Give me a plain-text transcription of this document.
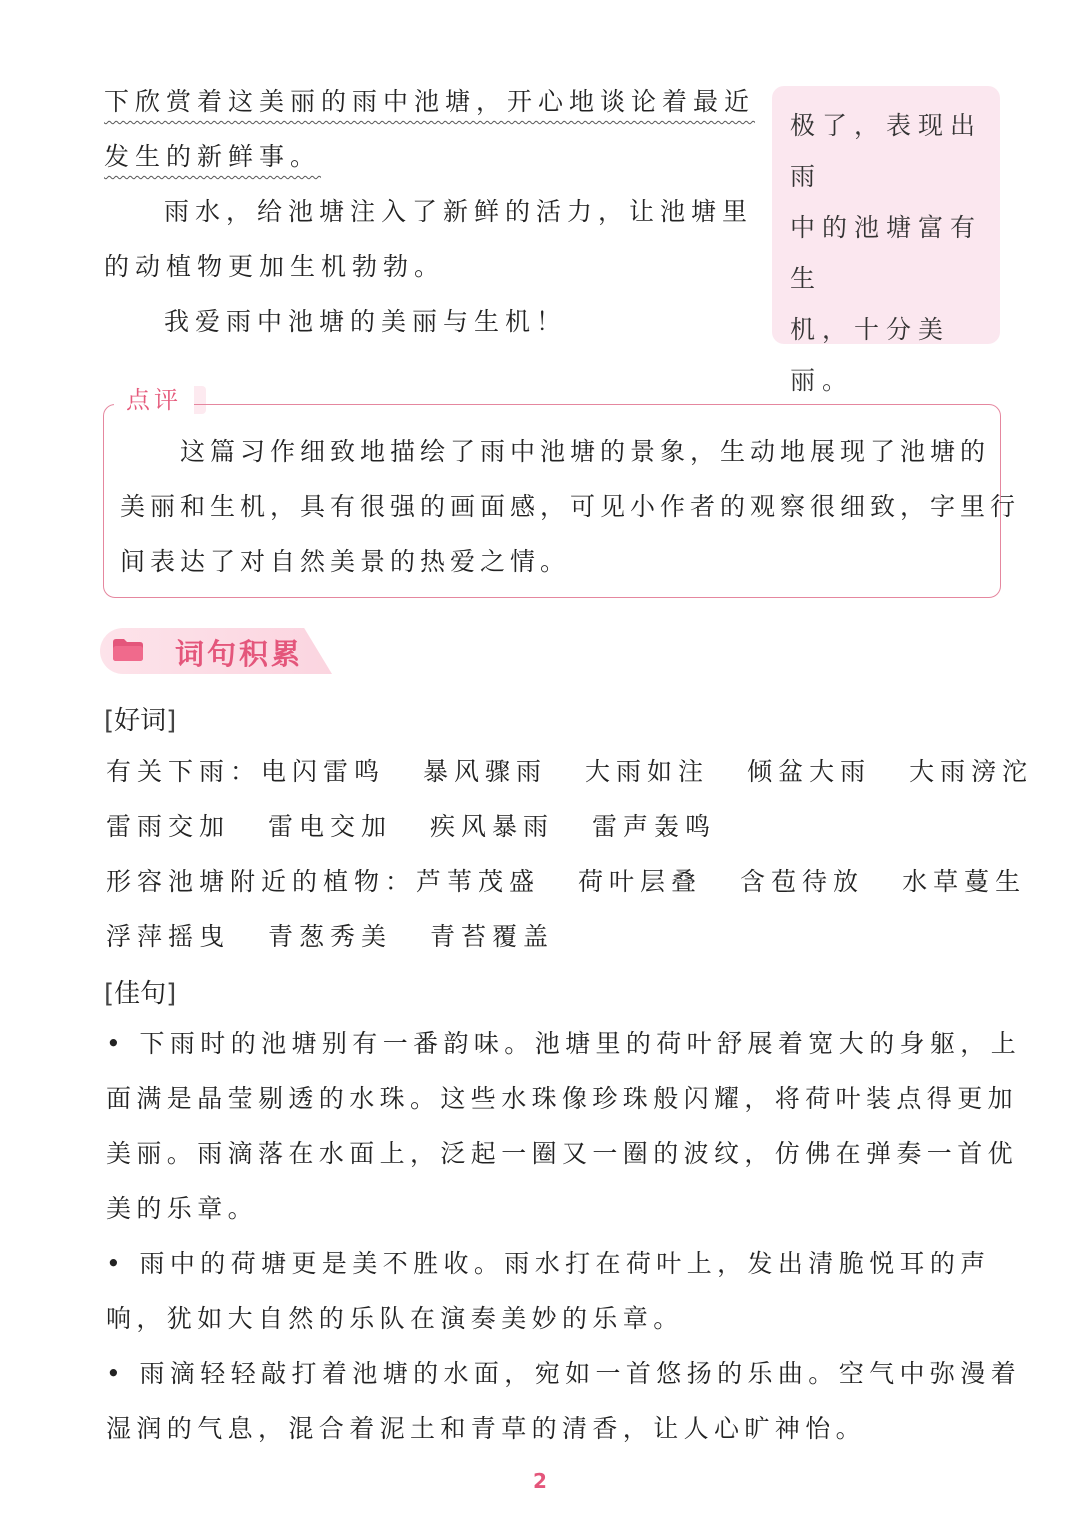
下欣赏着这美丽的雨中池塘，开心地谈论着最近
发生的新鲜事。
雨水，给池塘注入了新鲜的活力，让池塘里
的动植物更加生机勃勃。
我爱雨中池塘的美丽与生机！
极了，表现出雨
中的池塘富有生
机，十分美丽。
点评
这篇习作细致地描绘了雨中池塘的景象，生动地展现了池塘的
美丽和生机，具有很强的画面感，可见小作者的观察很细致，字里行
间表达了对自然美景的热爱之情。
词句积累
[好词]
有关下雨：电闪雷鸣 暴风骤雨 大雨如注 倾盆大雨 大雨滂沱
雷雨交加 雷电交加 疾风暴雨 雷声轰鸣
形容池塘附近的植物：芦苇茂盛 荷叶层叠 含苞待放 水草蔓生
浮萍摇曳 青葱秀美 青苔覆盖
[佳句]
• 下雨时的池塘别有一番韵味。池塘里的荷叶舒展着宽大的身躯，上
面满是晶莹剔透的水珠。这些水珠像珍珠般闪耀，将荷叶装点得更加
美丽。雨滴落在水面上，泛起一圈又一圈的波纹，仿佛在弹奏一首优
美的乐章。
• 雨中的荷塘更是美不胜收。雨水打在荷叶上，发出清脆悦耳的声
响，犹如大自然的乐队在演奏美妙的乐章。
• 雨滴轻轻敲打着池塘的水面，宛如一首悠扬的乐曲。空气中弥漫着
湿润的气息，混合着泥土和青草的清香，让人心旷神怡。
2
